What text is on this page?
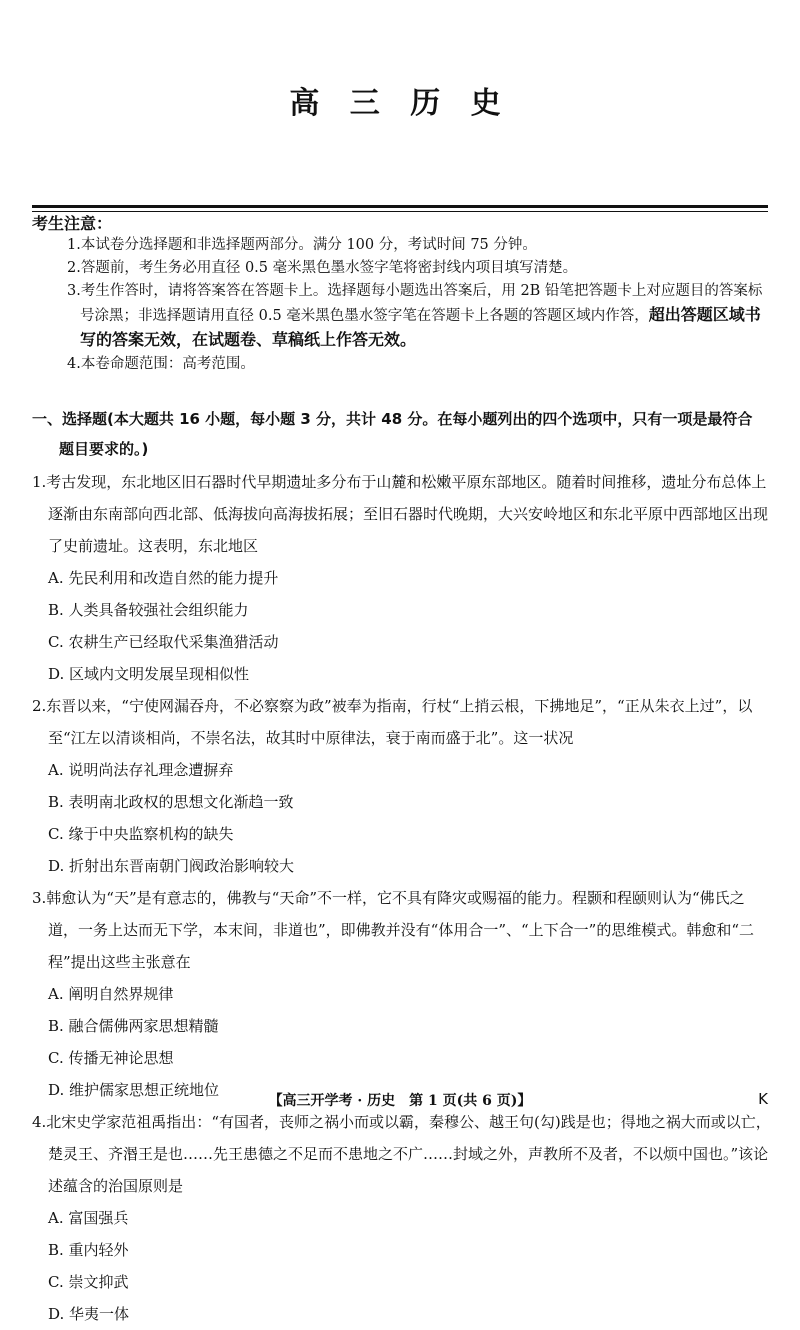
高 三 历 史
考生注意：
1.本试卷分选择题和非选择题两部分。满分 100 分，考试时间 75 分钟。
2.答题前，考生务必用直径 0.5 毫米黑色墨水签字笔将密封线内项目填写清楚。
3.考生作答时，请将答案答在答题卡上。选择题每小题选出答案后，用 2B 铅笔把答题卡上对应题目的答案标号涂黑；非选择题请用直径 0.5 毫米黑色墨水签字笔在答题卡上各题的答题区域内作答，超出答题区域书写的答案无效，在试题卷、草稿纸上作答无效。
4.本卷命题范围：高考范围。
一、选择题(本大题共 16 小题，每小题 3 分，共计 48 分。在每小题列出的四个选项中，只有一项是最符合
题目要求的。)
1.考古发现，东北地区旧石器时代早期遗址多分布于山麓和松嫩平原东部地区。随着时间推移，遗址分布总体上逐渐由东南部向西北部、低海拔向高海拔拓展；至旧石器时代晚期，大兴安岭地区和东北平原中西部地区出现了史前遗址。这表明，东北地区
A. 先民利用和改造自然的能力提升
B. 人类具备较强社会组织能力
C. 农耕生产已经取代采集渔猎活动
D. 区域内文明发展呈现相似性
2.东晋以来，“宁使网漏吞舟，不必察察为政”被奉为指南，行杖“上捎云根，下拂地足”，“正从朱衣上过”，以至“江左以清谈相尚，不崇名法，故其时中原律法，衰于南而盛于北”。这一状况
A. 说明尚法存礼理念遭摒弃
B. 表明南北政权的思想文化渐趋一致
C. 缘于中央监察机构的缺失
D. 折射出东晋南朝门阀政治影响较大
3.韩愈认为“天”是有意志的，佛教与“天命”不一样，它不具有降灾或赐福的能力。程颢和程颐则认为“佛氏之道，一务上达而无下学，本末间，非道也”，即佛教并没有“体用合一”、“上下合一”的思维模式。韩愈和“二程”提出这些主张意在
A. 阐明自然界规律
B. 融合儒佛两家思想精髓
C. 传播无神论思想
D. 维护儒家思想正统地位
4.北宋史学家范祖禹指出：“有国者，丧师之祸小而或以霸，秦穆公、越王句(勾)践是也；得地之祸大而或以亡，楚灵王、齐湣王是也……先王患德之不足而不患地之不广……封域之外，声教所不及者，不以烦中国也。”该论述蕴含的治国原则是
A. 富国强兵
B. 重内轻外
C. 崇文抑武
D. 华夷一体
【高三开学考 · 历史　第 1 页(共 6 页)】	K
